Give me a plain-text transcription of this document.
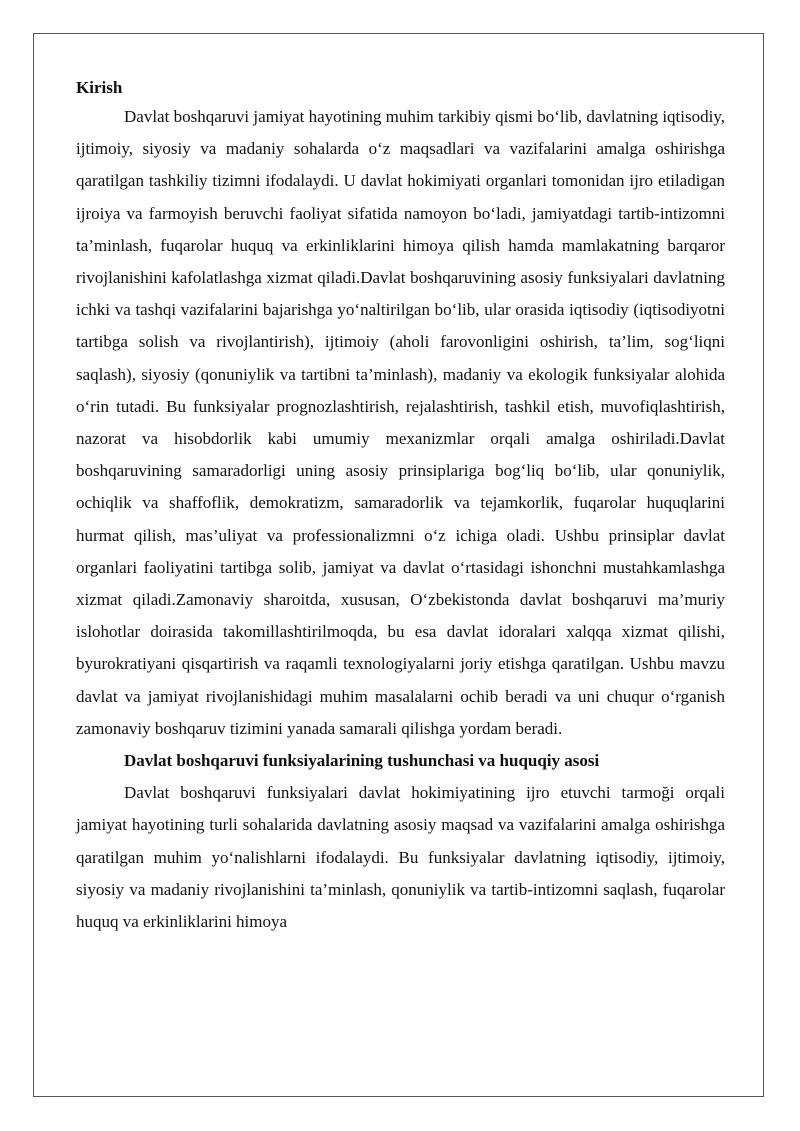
Kirish

Davlat boshqaruvi jamiyat hayotining muhim tarkibiy qismi bo‘lib, davlatning iqtisodiy, ijtimoiy, siyosiy va madaniy sohalarda o‘z maqsadlari va vazifalarini amalga oshirishga qaratilgan tashkiliy tizimni ifodalaydi. U davlat hokimiyati organlari tomonidan ijro etiladigan ijroiya va farmoyish beruvchi faoliyat sifatida namoyon bo‘ladi, jamiyatdagi tartib-intizomni ta’minlash, fuqarolar huquq va erkinliklarini himoya qilish hamda mamlakatning barqaror rivojlanishini kafolatlashga xizmat qiladi.Davlat boshqaruvining asosiy funksiyalari davlatning ichki va tashqi vazifalarini bajarishga yo‘naltirilgan bo‘lib, ular orasida iqtisodiy (iqtisodiyotni tartibga solish va rivojlantirish), ijtimoiy (aholi farovonligini oshirish, ta’lim, sog‘liqni saqlash), siyosiy (qonuniylik va tartibni ta’minlash), madaniy va ekologik funksiyalar alohida o‘rin tutadi. Bu funksiyalar prognozlashtirish, rejalashtirish, tashkil etish, muvofiqlashtirish, nazorat va hisobdorlik kabi umumiy mexanizmlar orqali amalga oshiriladi.Davlat boshqaruvining samaradorligi uning asosiy prinsiplariga bog‘liq bo‘lib, ular qonuniylik, ochiqlik va shaffoflik, demokratizm, samaradorlik va tejamkorlik, fuqarolar huquqlarini hurmat qilish, mas’uliyat va professionalizmni o‘z ichiga oladi. Ushbu prinsiplar davlat organlari faoliyatini tartibga solib, jamiyat va davlat o‘rtasidagi ishonchni mustahkamlashga xizmat qiladi.Zamonaviy sharoitda, xususan, O‘zbekistonda davlat boshqaruvi ma’muriy islohotlar doirasida takomillashtirilmoqda, bu esa davlat idoralari xalqqa xizmat qilishi, byurokratiyani qisqartirish va raqamli texnologiyalarni joriy etishga qaratilgan. Ushbu mavzu davlat va jamiyat rivojlanishidagi muhim masalalarni ochib beradi va uni chuqur o‘rganish zamonaviy boshqaruv tizimini yanada samarali qilishga yordam beradi.

Davlat boshqaruvi funksiyalarining tushunchasi va huquqiy asosi

Davlat boshqaruvi funksiyalari davlat hokimiyatining ijro etuvchi tarmoği orqali jamiyat hayotining turli sohalarida davlatning asosiy maqsad va vazifalarini amalga oshirishga qaratilgan muhim yo‘nalishlarni ifodalaydi. Bu funksiyalar davlatning iqtisodiy, ijtimoiy, siyosiy va madaniy rivojlanishini ta’minlash, qonuniylik va tartib-intizomni saqlash, fuqarolar huquq va erkinliklarini himoya
